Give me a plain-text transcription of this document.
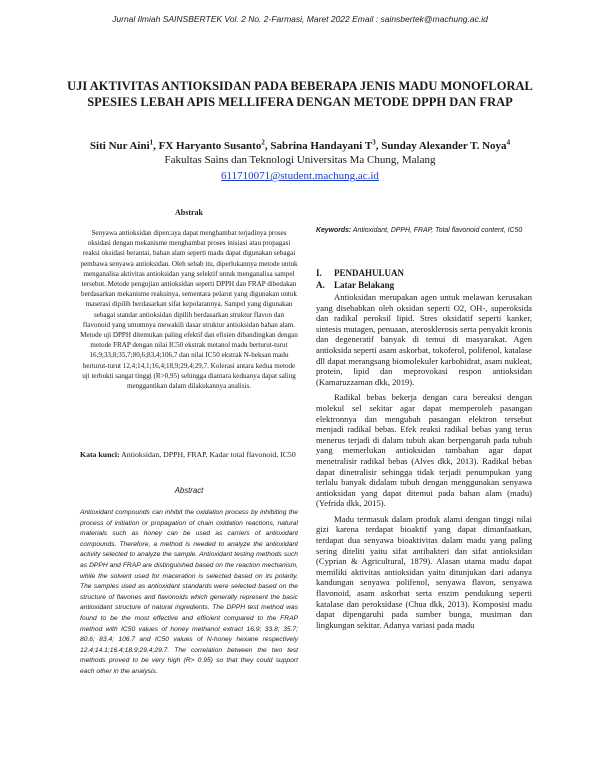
Jurnal Ilmiah SAINSBERTEK Vol. 2 No. 2-Farmasi, Maret 2022 Email : sainsbertek@machung.ac.id
UJI AKTIVITAS ANTIOKSIDAN PADA BEBERAPA JENIS MADU MONOFLORAL SPESIES LEBAH APIS MELLIFERA DENGAN METODE DPPH DAN FRAP
Siti Nur Aini$^1$, FX Haryanto Susanto$^2$, Sabrina Handayani $T^3$, Sunday Alexander T. Noya$^4$
Fakultas Sains dan Teknologi Universitas Ma Chung, Malang
611710071@student.machung.ac.id
Abstrak
Senyawa antioksidan dipercaya dapat menghambat terjadinya proses oksidasi dengan mekanisme menghambat proses inisiasi atau propagasi reaksi oksidasi berantai, bahan alam seperti madu dapat digunakan sebagai pembawa senyawa antioksidan. Oleh sebab itu, diperlukannya metode untuk menganalisa aktivitas antioksidan yang selektif untuk menganalisa sampel tersebut. Metode pengujian antioksidan seperti DPPH dan FRAP dibedakan berdasarkan mekanisme reaksinya, sementara pelarut yang digunakan untuk maserasi dipilih berdasarkan sifat kepolarannya. Sampel yang digunakan sebagai standar antioksidan dipilih berdasarkan struktur flavon dan flavonoid yang umumnya mewakili dasar struktur antioksidan bahan alam. Metode uji DPPH ditemukan paling efektif dan efisien dibandingkan dengan metode FRAP dengan nilai IC50 ekstrak metanol madu berturut-turut 16,9;33,8;35,7;80,6;83,4;106,7 dan nilai IC50 ekstrak N-heksan madu berturut-turut 12,4;14,1;16,4;18,9;29,4;29,7. Kolerasi antara kedua metode uji terbukti sangat tinggi (R>0,95) sehingga diantara keduanya dapat saling menggantikan dalam dilakukannya analisis.
Kata kunci: Antioksidan, DPPH, FRAP, Kadar total flavonoid, IC50
Abstract
Antioxidant compounds can inhibit the oxidation process by inhibiting the process of initiation or propagation of chain oxidation reactions, natural materials such as honey can be used as carriers of antioxidant compounds. Therefore, a method is needed to analyze the antioxidant activity selected to analyze the sample. Antioxidant testing methods such as DPPH and FRAP are distinguished based on the reaction mechanism, while the solvent used for maceration is selected based on its polarity. The samples used as antioxidant standards were selected based on the structure of flavones and flavonoids which generally represent the basic antioxidant structure of natural ingredients. The DPPH test method was found to be the most effective and efficient compared to the FRAP method with IC50 values of honey methanol extract 16.9; 33.8; 35.7; 80.6; 83.4; 106.7 and IC50 values of N-honey hexane respectively 12.4;14.1;16.4;18.9;29.4;29.7. The correlation between the two test methods proved to be very high (R> 0.95) so that they could support each other in the analysis.
Keywords: Antioxidant, DPPH, FRAP, Total flavonoid content, IC50
I. PENDAHULUAN
A. Latar Belakang

Antioksidan merupakan agen untuk melawan kerusakan yang disebabkan oleh oksidan seperti O2, OH-, superoksida dan radikal peroksil lipid. Stres oksidatif seperti kanker, sintesis mutagen, penuaan, aterosklerosis serta penyakit kronis dan degeneratif banyak di temui di masyarakat. Agen antioksida seperti asam askorbat, tokoferol, polifenol, katalase dll dapat merangsang biomolekuler karbohidrat, asam nukleat, protein, lipid dan meprovokasi respon antioksidan (Kamaruzzaman dkk, 2019).

Radikal bebas bekerja dengan cara bereaksi dengan molekul sel sekitar agar dapat memperoleh pasangan elektronnya dan mengubah pasangan elektron tersebut menjadi radikal bebas. Efek reaksi radikal bebas yang terus menerus terjadi di dalam tubuh akan berpengaruh pada tubuh yang memerlukan antioksidan tambahan agar dapat menetralisir radikal bebas (Alves dkk, 2013). Radikal bebas dapat dinetralisir sehingga tidak terjadi penumpukan yang terlalu banyak didalam tubuh dengan menggunakan senyawa antioksidan yang dapat ditemui pada bahan alam (madu) (Yefrida dkk, 2015).

Madu termasuk dalam produk alami dengan tinggi nilai gizi karena terdapat bioaktif yang dapat dimanfaatkan, terdapat dua senyawa bioaktivitas dalam madu yang paling sering diteliti yaitu sifat antibakteri dan sifat antioksidan (Cyprian & Agricultural, 1879). Alasan utama madu dapat memiliki aktivitas antioksidan yaitu ditunjukan dari adanya kandungan senyawa polifenol, senyawa flavon, senyawa flavonoid, asam askorbat serta enzim pendukung seperti katalase dan peroksidase (Chua dkk, 2013). Komposisi madu dapat dipengaruhi pada sumber bunga, musiman dan lingkungan sekitar. Adanya variasi pada madu
